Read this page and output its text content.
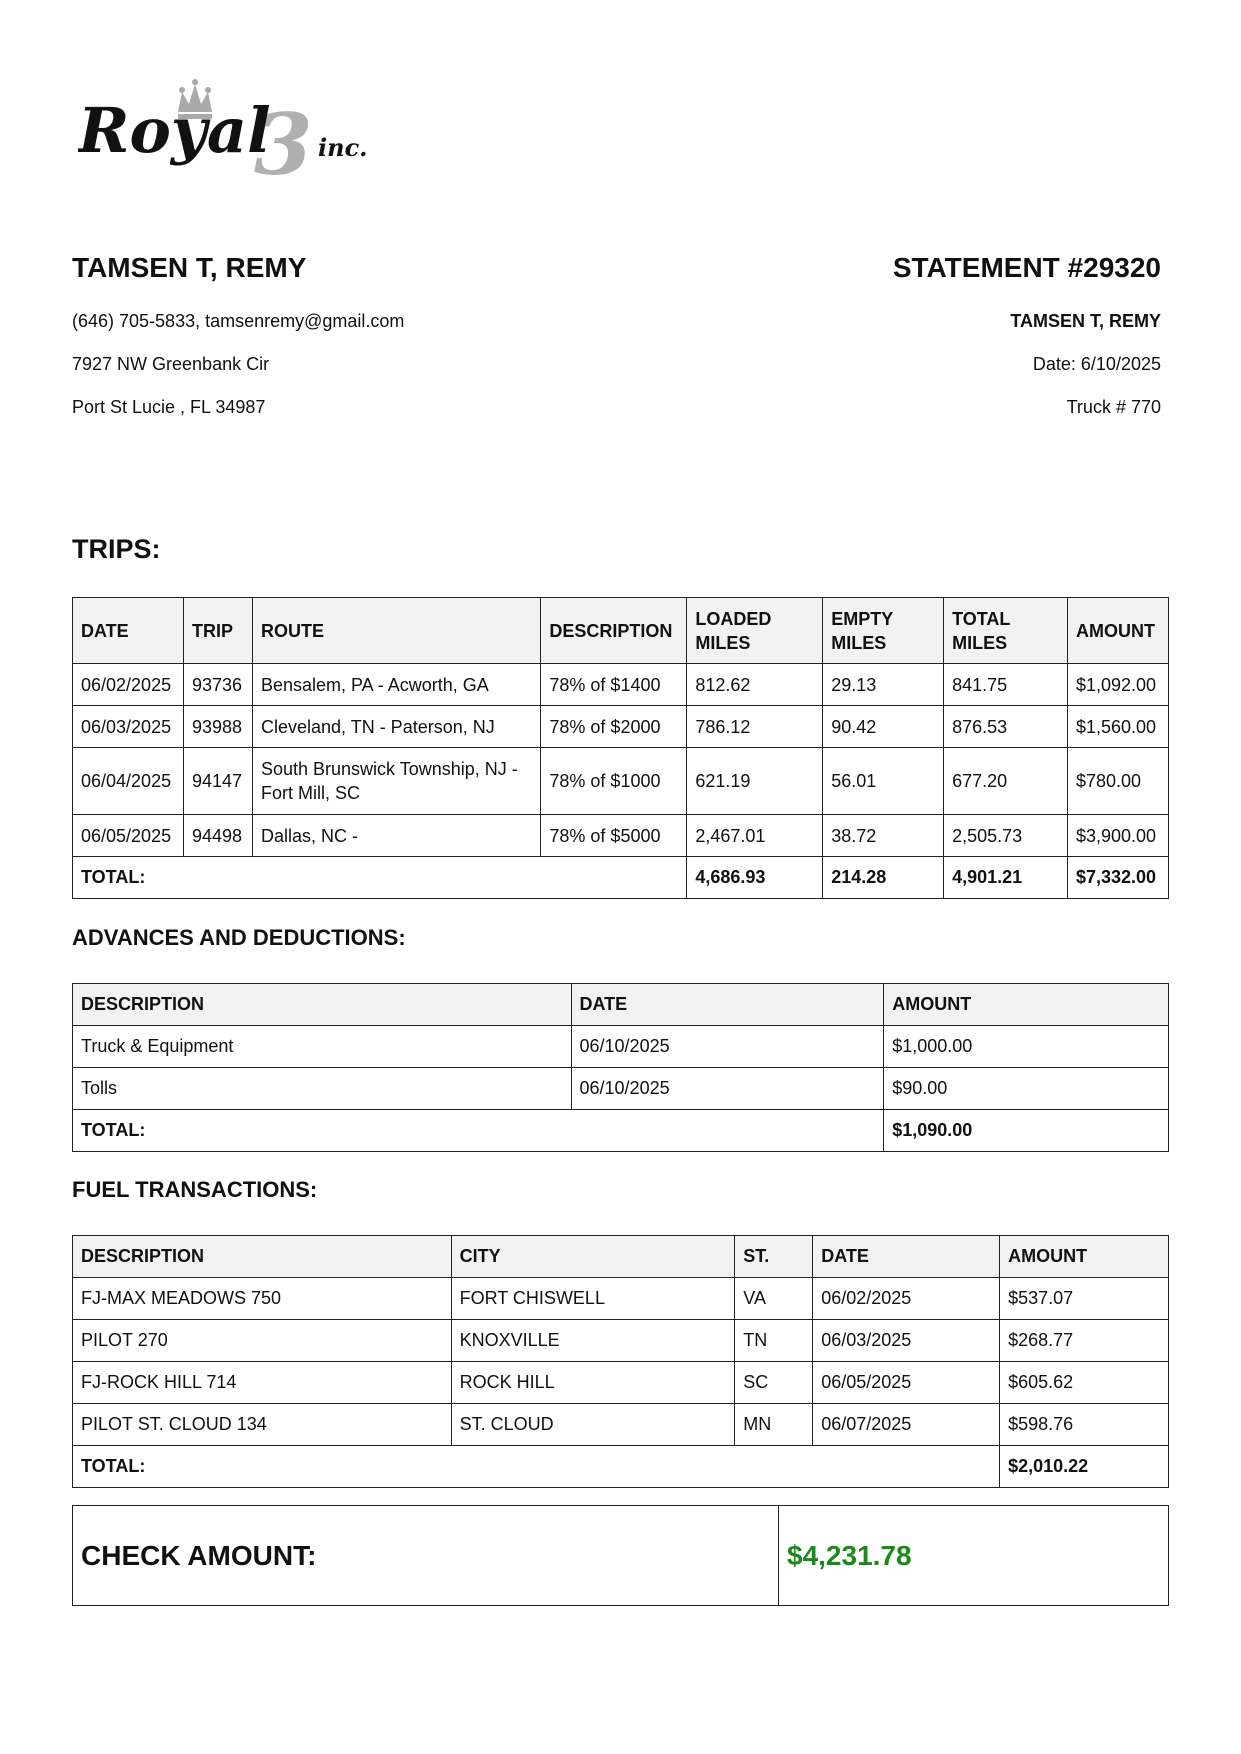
3
Royal inc.
TAMSEN T, REMY
(646) 705-5833, tamsenremy@gmail.com
7927 NW Greenbank Cir
Port St Lucie , FL 34987
STATEMENT #29320
TAMSEN T, REMY
Date: 6/10/2025
Truck # 770
TRIPS:
DATE	TRIP	ROUTE	DESCRIPTION	LOADED MILES	EMPTY MILES	TOTAL MILES	AMOUNT
06/02/2025	93736	Bensalem, PA - Acworth, GA	78% of $1400	812.62	29.13	841.75	$1,092.00
06/03/2025	93988	Cleveland, TN - Paterson, NJ	78% of $2000	786.12	90.42	876.53	$1,560.00
06/04/2025	94147	South Brunswick Township, NJ - Fort Mill, SC	78% of $1000	621.19	56.01	677.20	$780.00
06/05/2025	94498	Dallas, NC -	78% of $5000	2,467.01	38.72	2,505.73	$3,900.00
TOTAL:				4,686.93	214.28	4,901.21	$7,332.00
ADVANCES AND DEDUCTIONS:
DESCRIPTION	DATE	AMOUNT
Truck & Equipment	06/10/2025	$1,000.00
Tolls	06/10/2025	$90.00
TOTAL:		$1,090.00
FUEL TRANSACTIONS:
DESCRIPTION	CITY	ST.	DATE	AMOUNT
FJ-MAX MEADOWS 750	FORT CHISWELL	VA	06/02/2025	$537.07
PILOT 270	KNOXVILLE	TN	06/03/2025	$268.77
FJ-ROCK HILL 714	ROCK HILL	SC	06/05/2025	$605.62
PILOT ST. CLOUD 134	ST. CLOUD	MN	06/07/2025	$598.76
TOTAL:				$2,010.22
CHECK AMOUNT:	$4,231.78
